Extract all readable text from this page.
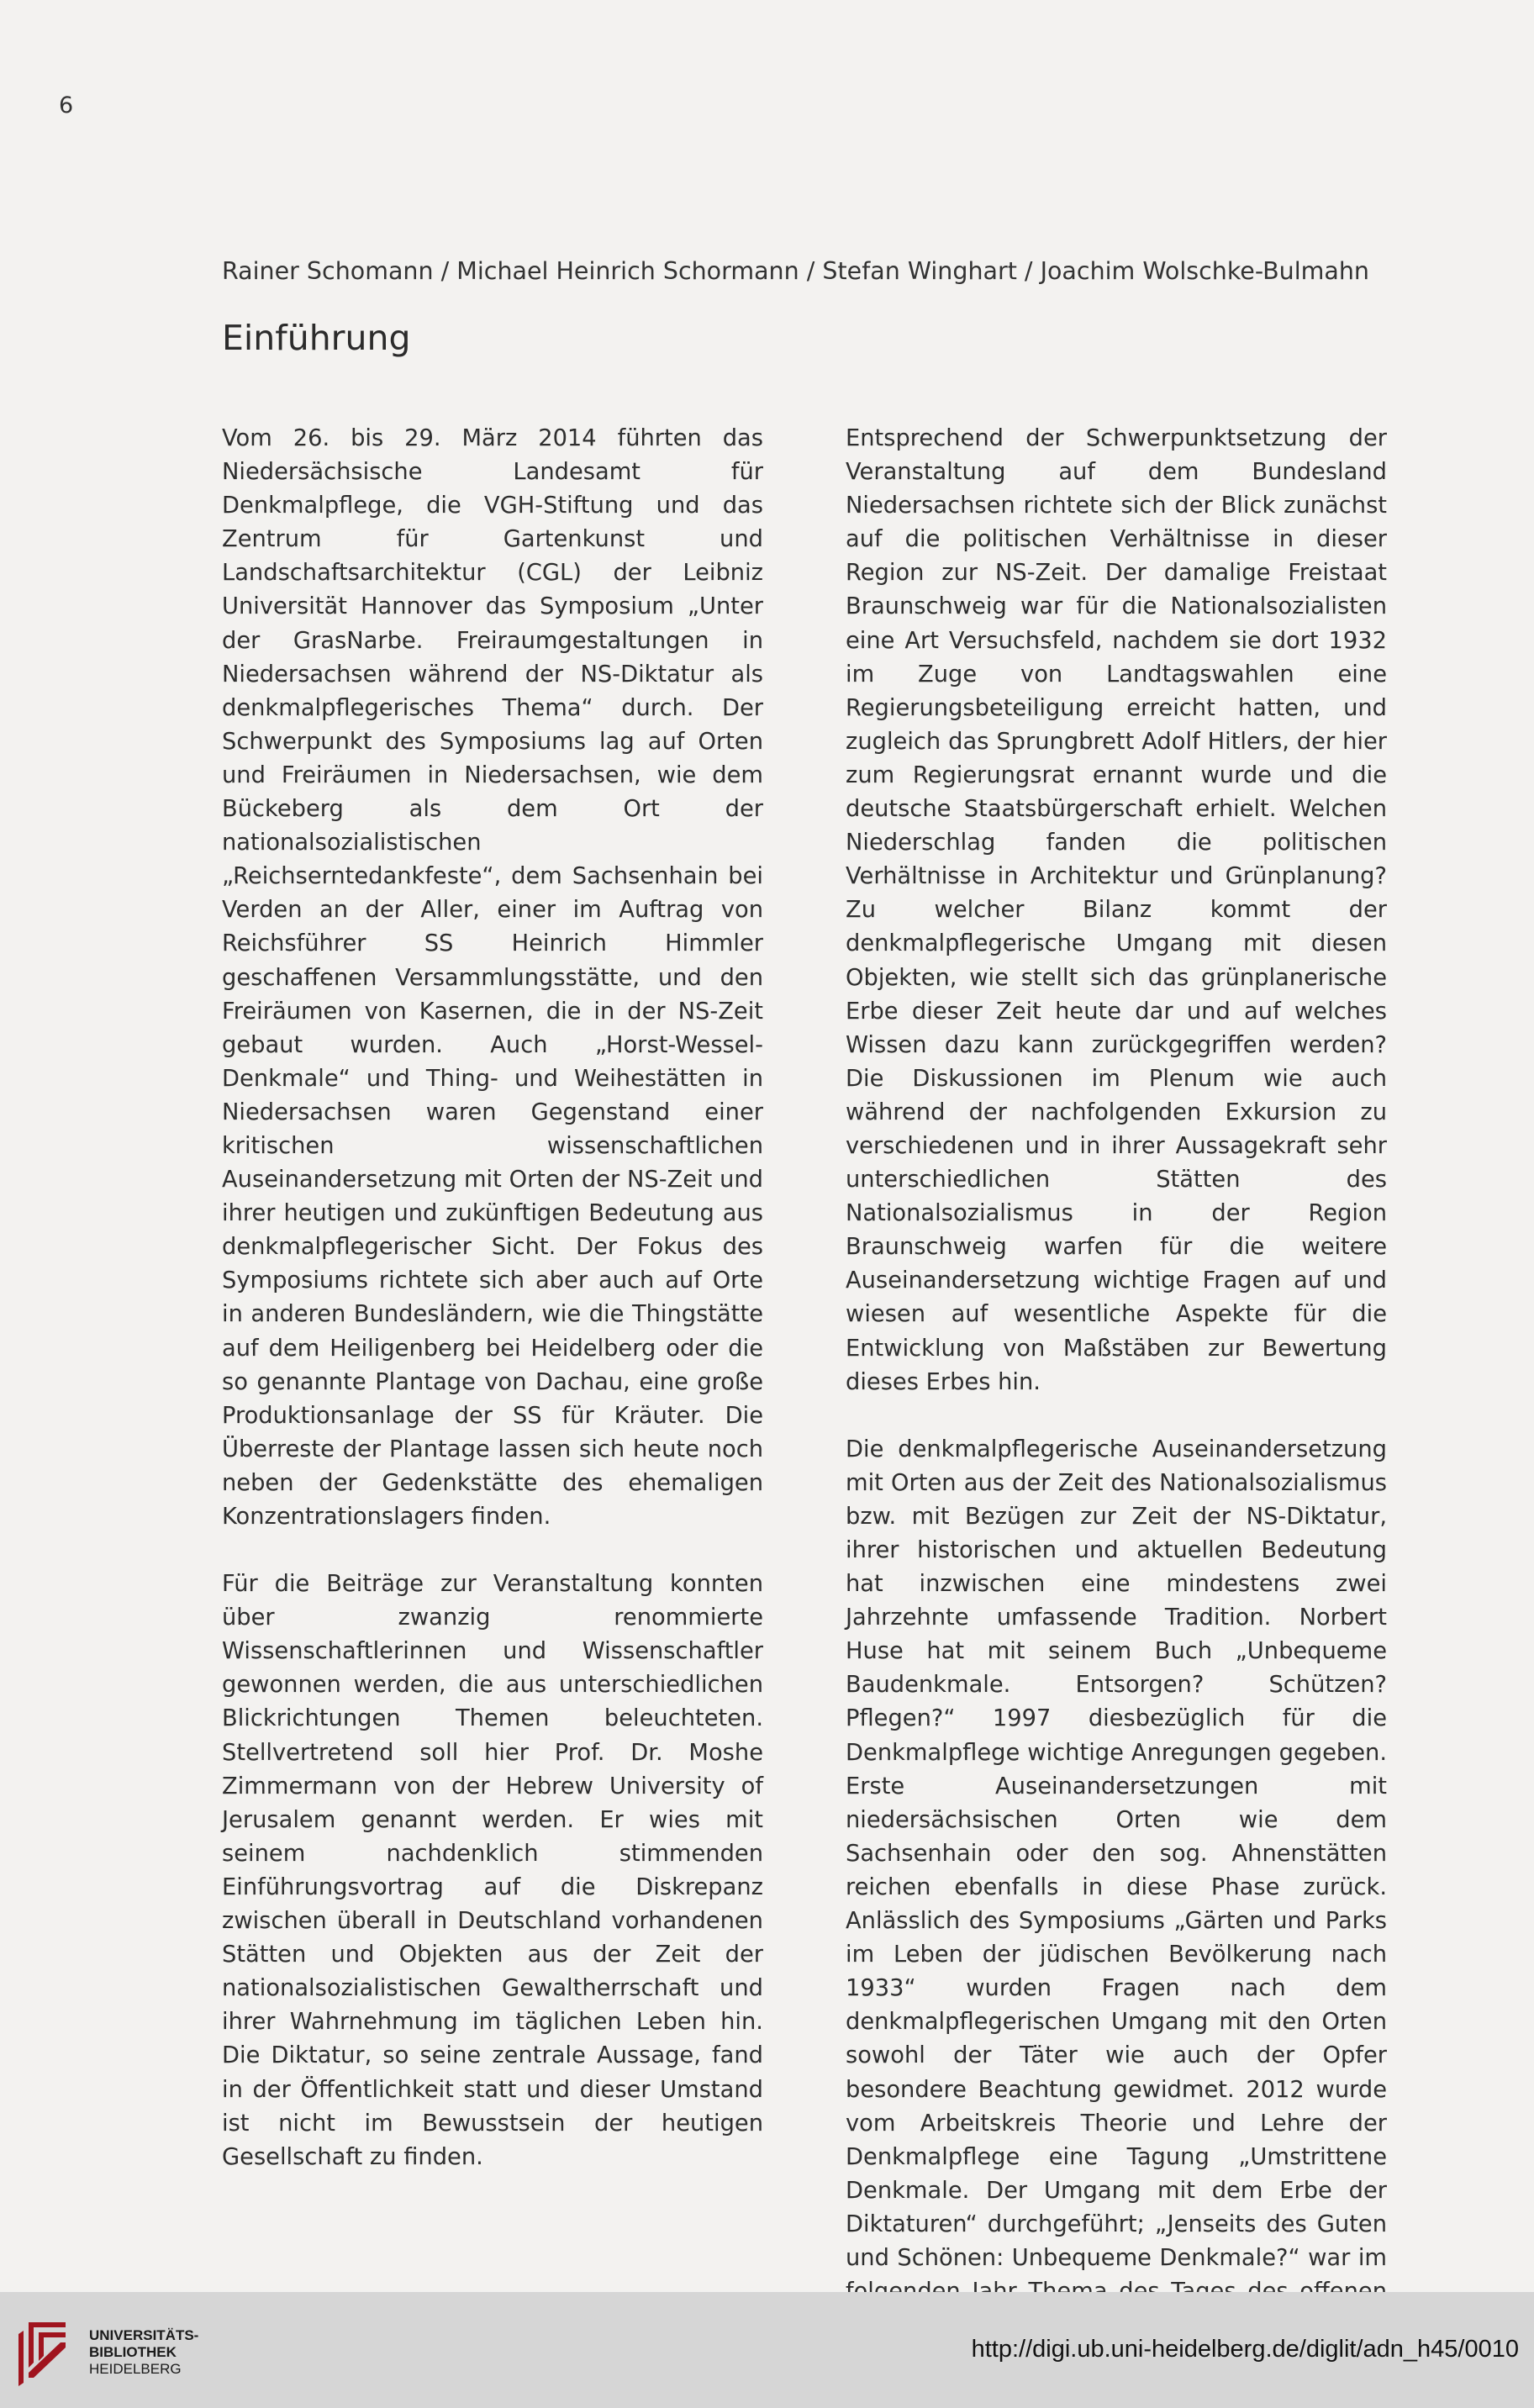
6
Rainer Schomann / Michael Heinrich Schormann / Stefan Winghart / Joachim Wolschke-Bulmahn
Einführung

Vom 26. bis 29. März 2014 führten das Niedersächsische Landesamt für Denkmalpflege, die VGH-Stiftung und das Zentrum für Gartenkunst und Landschaftsarchitektur (CGL) der Leibniz Universität Hannover das Symposium „Unter der GrasNarbe. Freiraumgestaltungen in Niedersachsen während der NS-Diktatur als denkmalpflegerisches Thema“ durch. Der Schwerpunkt des Symposiums lag auf Orten und Freiräumen in Niedersachsen, wie dem Bückeberg als dem Ort der nationalsozialistischen „Reichserntedankfeste“, dem Sachsenhain bei Verden an der Aller, einer im Auftrag von Reichsführer SS Heinrich Himmler geschaffenen Versammlungsstätte, und den Freiräumen von Kasernen, die in der NS-Zeit gebaut wurden. Auch „Horst-Wessel-Denkmale“ und Thing- und Weihestätten in Niedersachsen waren Gegenstand einer kritischen wissenschaftlichen Auseinandersetzung mit Orten der NS-Zeit und ihrer heutigen und zukünftigen Bedeutung aus denkmalpflegerischer Sicht. Der Fokus des Symposiums richtete sich aber auch auf Orte in anderen Bundesländern, wie die Thingstätte auf dem Heiligenberg bei Heidelberg oder die so genannte Plantage von Dachau, eine große Produktionsanlage der SS für Kräuter. Die Überreste der Plantage lassen sich heute noch neben der Gedenkstätte des ehemaligen Konzentrationslagers finden.

Für die Beiträge zur Veranstaltung konnten über zwanzig renommierte Wissenschaftlerinnen und Wissenschaftler gewonnen werden, die aus unterschiedlichen Blickrichtungen Themen beleuchteten. Stellvertretend soll hier Prof. Dr. Moshe Zimmermann von der Hebrew University of Jerusalem genannt werden. Er wies mit seinem nachdenklich stimmenden Einführungsvortrag auf die Diskrepanz zwischen überall in Deutschland vorhandenen Stätten und Objekten aus der Zeit der nationalsozialistischen Gewaltherrschaft und ihrer Wahrnehmung im täglichen Leben hin. Die Diktatur, so seine zentrale Aussage, fand in der Öffentlichkeit statt und dieser Umstand ist nicht im Bewusstsein der heutigen Gesellschaft zu finden.

Entsprechend der Schwerpunktsetzung der Veranstaltung auf dem Bundesland Niedersachsen richtete sich der Blick zunächst auf die politischen Verhältnisse in dieser Region zur NS-Zeit. Der damalige Freistaat Braunschweig war für die Nationalsozialisten eine Art Versuchsfeld, nachdem sie dort 1932 im Zuge von Landtagswahlen eine Regierungsbeteiligung erreicht hatten, und zugleich das Sprungbrett Adolf Hitlers, der hier zum Regierungsrat ernannt wurde und die deutsche Staatsbürgerschaft erhielt. Welchen Niederschlag fanden die politischen Verhältnisse in Architektur und Grünplanung? Zu welcher Bilanz kommt der denkmalpflegerische Umgang mit diesen Objekten, wie stellt sich das grünplanerische Erbe dieser Zeit heute dar und auf welches Wissen dazu kann zurückgegriffen werden? Die Diskussionen im Plenum wie auch während der nachfolgenden Exkursion zu verschiedenen und in ihrer Aussagekraft sehr unterschiedlichen Stätten des Nationalsozialismus in der Region Braunschweig warfen für die weitere Auseinandersetzung wichtige Fragen auf und wiesen auf wesentliche Aspekte für die Entwicklung von Maßstäben zur Bewertung dieses Erbes hin.

Die denkmalpflegerische Auseinandersetzung mit Orten aus der Zeit des Nationalsozialismus bzw. mit Bezügen zur Zeit der NS-Diktatur, ihrer historischen und aktuellen Bedeutung hat inzwischen eine mindestens zwei Jahrzehnte umfassende Tradition. Norbert Huse hat mit seinem Buch „Unbequeme Baudenkmale. Entsorgen? Schützen? Pflegen?“ 1997 diesbezüglich für die Denkmalpflege wichtige Anregungen gegeben. Erste Auseinandersetzungen mit niedersächsischen Orten wie dem Sachsenhain oder den sog. Ahnenstätten reichen ebenfalls in diese Phase zurück. Anlässlich des Symposiums „Gärten und Parks im Leben der jüdischen Bevölkerung nach 1933“ wurden Fragen nach dem denkmalpflegerischen Umgang mit den Orten sowohl der Täter wie auch der Opfer besondere Beachtung gewidmet. 2012 wurde vom Arbeitskreis Theorie und Lehre der Denkmalpflege eine Tagung „Umstrittene Denkmale. Der Umgang mit dem Erbe der Diktaturen“ durchgeführt; „Jenseits des Guten und Schönen: Unbequeme Denkmale?“ war im

UNIVERSITÄTS-
BIBLIOTHEK
HEIDELBERG
http://digi.ub.uni-heidelberg.de/diglit/adn_h45/0010
